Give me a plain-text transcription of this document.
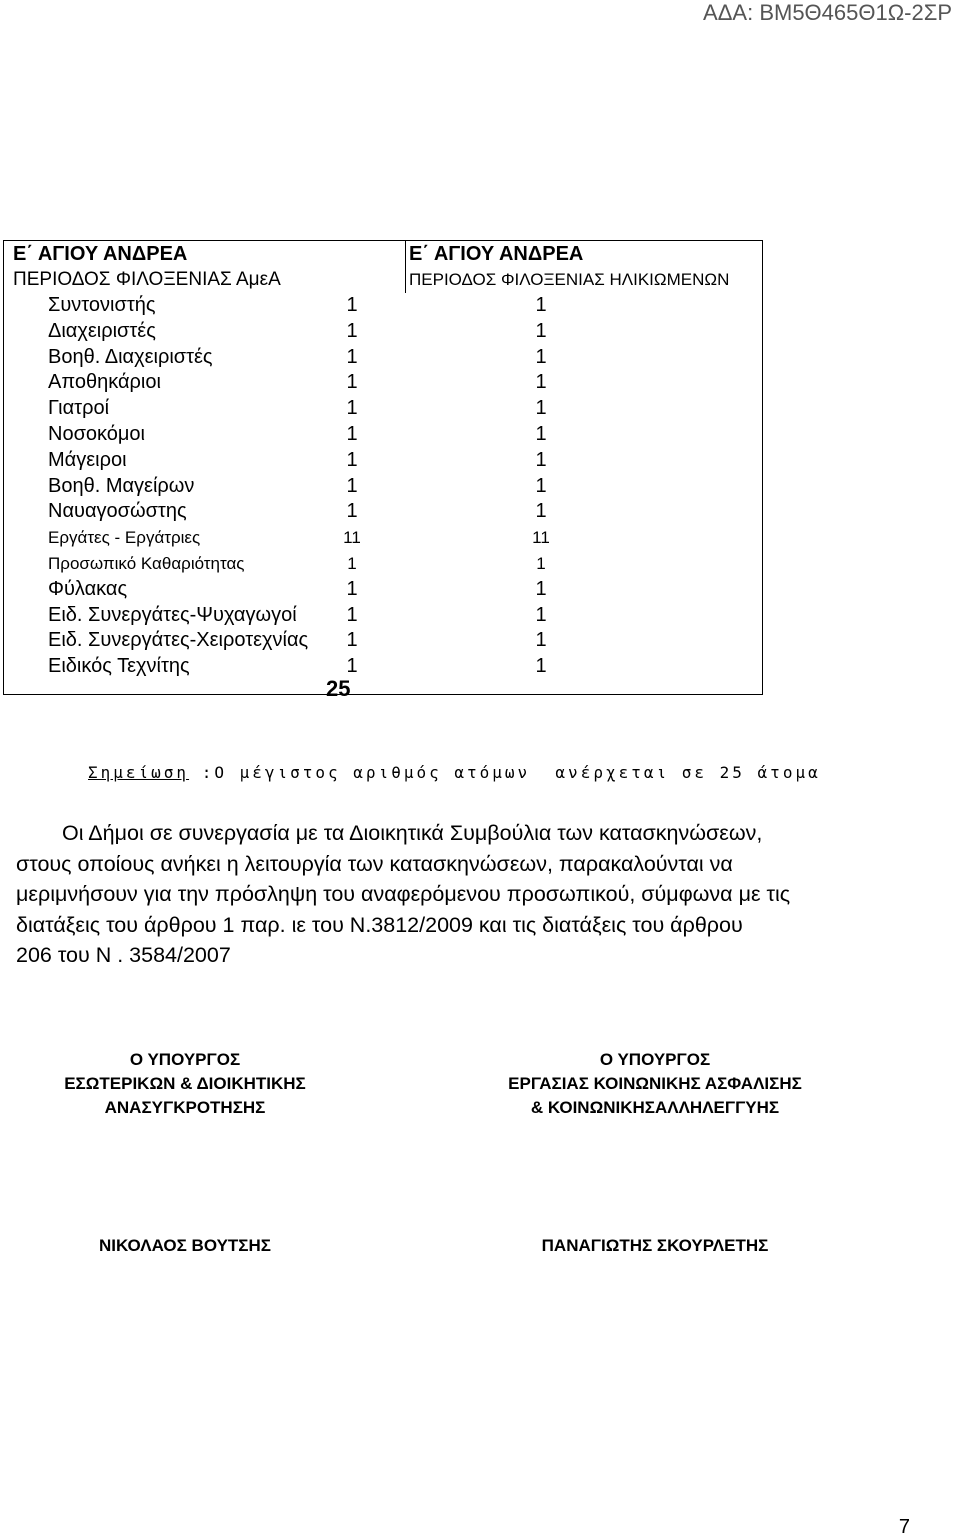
ΑΔΑ: ΒΜ5Θ465Θ1Ω-2ΣΡ
Ε΄ ΑΓΙΟΥ ΑΝΔΡΕΑ
ΠΕΡΙΟΔΟΣ ΦΙΛΟΞΕΝΙΑΣ ΑμεΑ
Ε΄ ΑΓΙΟΥ ΑΝΔΡΕΑ
ΠΕΡΙΟΔΟΣ ΦΙΛΟΞΕΝΙΑΣ ΗΛΙΚΙΩΜΕΝΩΝ
Συντονιστής	1	1
Διαχειριστές	1	1
Βοηθ. Διαχειριστές	1	1
Αποθηκάριοι	1	1
Γιατροί	1	1
Νοσοκόμοι	1	1
Μάγειροι	1	1
Βοηθ. Μαγείρων	1	1
Ναυαγοσώστης	1	1
Εργάτες - Εργάτριες	11	11
Προσωπικό Καθαριότητας	1	1
Φύλακας	1	1
Ειδ. Συνεργάτες-Ψυχαγωγοί	1	1
Ειδ. Συνεργάτες-Χειροτεχνίας	1	1
Ειδικός Τεχνίτης	1	1
25
Σημείωση :Ο μέγιστος αριθμός ατόμων  ανέρχεται σε 25 άτομα
Οι Δήμοι σε συνεργασία με τα Διοικητικά Συμβούλια των κατασκηνώσεων,
στους οποίους ανήκει η λειτουργία των κατασκηνώσεων, παρακαλούνται να
μεριμνήσουν για την πρόσληψη του αναφερόμενου προσωπικού, σύμφωνα με τις
διατάξεις του άρθρου 1 παρ. ιε του Ν.3812/2009 και τις διατάξεις του άρθρου
206 του Ν . 3584/2007
Ο ΥΠΟΥΡΓΟΣ
ΕΣΩΤΕΡΙΚΩΝ & ΔΙΟΙΚΗΤΙΚΗΣ
ΑΝΑΣΥΓΚΡΟΤΗΣΗΣ
ΝΙΚΟΛΑΟΣ ΒΟΥΤΣΗΣ
Ο ΥΠΟΥΡΓΟΣ
ΕΡΓΑΣΙΑΣ ΚΟΙΝΩΝΙΚΗΣ ΑΣΦΑΛΙΣΗΣ
& ΚΟΙΝΩΝΙΚΗΣΑΛΛΗΛΕΓΓΥΗΣ
ΠΑΝΑΓΙΩΤΗΣ ΣΚΟΥΡΛΕΤΗΣ
7
